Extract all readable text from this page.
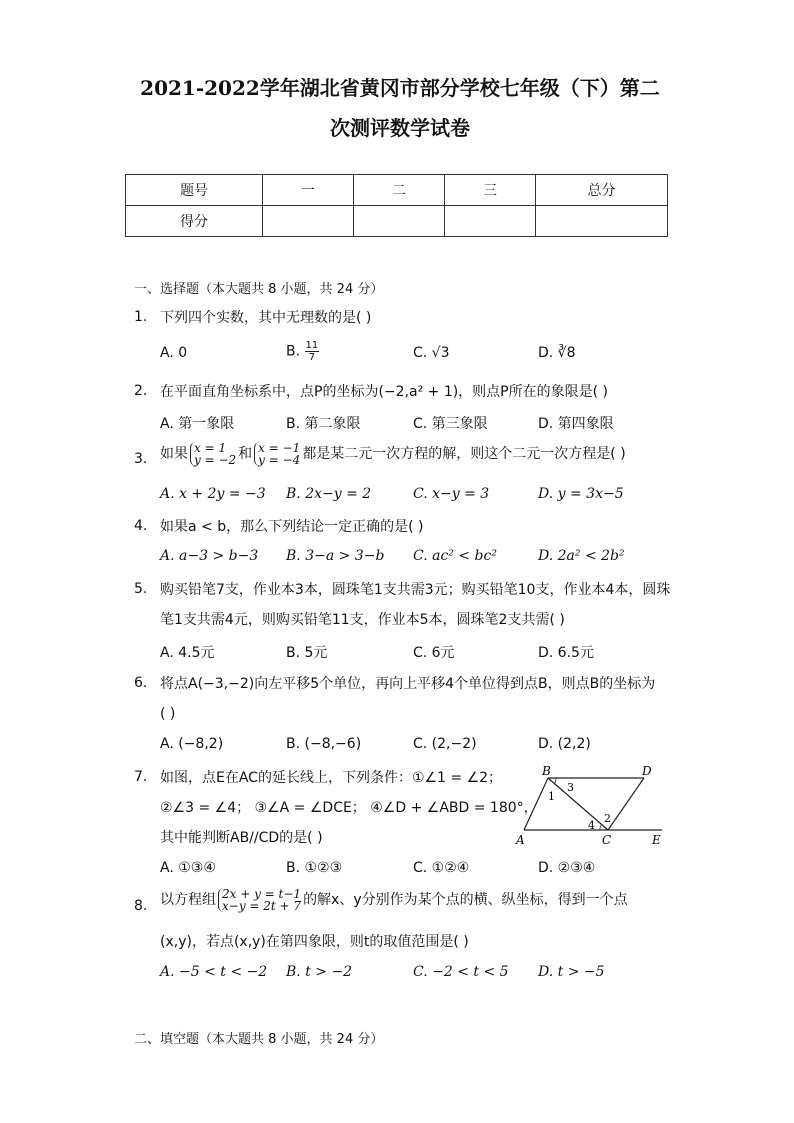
2021-2022学年湖北省黄冈市部分学校七年级（下）第二
次测评数学试卷
题号	一	二	三	总分
得分				
一、选择题（本大题共 8 小题，共 24 分）
1. 下列四个实数，其中无理数的是( )
A. 0	B. $\frac{11}{7}$	C. √3	D. ∛8
2. 在平面直角坐标系中，点P的坐标为(−2,a² + 1)，则点P所在的象限是( )
A. 第一象限	B. 第二象限	C. 第三象限	D. 第四象限
3. 如果 x = 1
y = −2 和 x = −1
y = −4 都是某二元一次方程的解，则这个二元一次方程是( )
A. x + 2y = −3 B. 2x−y = 2	C. x−y = 3	D. y = 3x−5
4. 如果a < b，那么下列结论一定正确的是( )
A. a−3 > b−3 B. 3−a > 3−b C. ac² < bc²	D. 2a² < 2b²
5. 购买铅笔7支，作业本3本，圆珠笔1支共需3元；购买铅笔10支，作业本4本，圆珠
笔1支共需4元，则购买铅笔11支，作业本5本，圆珠笔2支共需( )
A. 4.5元	B. 5元	C. 6元	D. 6.5元
6. 将点A(−3,−2)向左平移5个单位，再向上平移4个单位得到点B，则点B的坐标为
( )
A. (−8,2)	B. (−8,−6)	C. (2,−2)	D. (2,2)
7. 如图，点E在AC的延长线上，下列条件：①∠1 = ∠2；
②∠3 = ∠4； ③∠A = ∠DCE； ④∠D + ∠ABD = 180°，
其中能判断AB//CD的是( )
A. ①③④	B. ①②③	C. ①②④	D. ②③④
B	D
A	C	E
1
3
2
4
8. 以方程组 2x + y = t−1
x−y = 2t + 7 的解x、y分别作为某个点的横、纵坐标，得到一个点
(x,y)，若点(x,y)在第四象限，则t的取值范围是( )
A. −5 < t < −2 B. t > −2	C. −2 < t < 5 D. t > −5
二、填空题（本大题共 8 小题，共 24 分）
